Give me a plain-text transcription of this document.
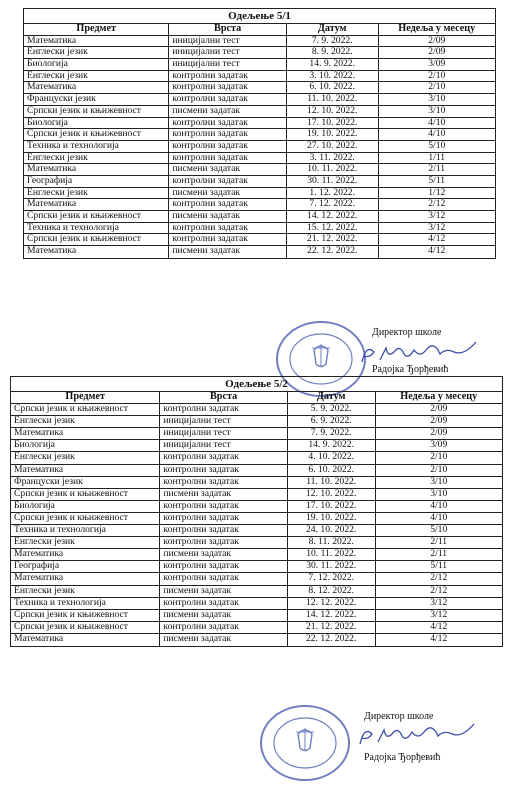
Одељење 5/1
Предмет	Врста	Датум	Недеља у месецу
Математика	иницијални тест	7. 9. 2022.	2/09
Енглески језик	иницијални тест	8. 9. 2022.	2/09
Биологија	иницијални тест	14. 9. 2022.	3/09
Енглески језик	контролни задатак	3. 10. 2022.	2/10
Математика	контролни задатак	6. 10. 2022.	2/10
Француски језик	контролни задатак	11. 10. 2022.	3/10
Српски језик и књижевност	писмени задатак	12. 10. 2022.	3/10
Биологија	контролни задатак	17. 10. 2022.	4/10
Српски језик и књижевност	контролни задатак	19. 10. 2022.	4/10
Техника и технологија	контролни задатак	27. 10. 2022.	5/10
Енглески језик	контролни задатак	3. 11. 2022.	1/11
Математика	писмени задатак	10. 11. 2022.	2/11
Географија	контролни задатак	30. 11. 2022.	5/11
Енглески језик	писмени задатак	1. 12. 2022.	1/12
Математика	контролни задатак	7. 12. 2022.	2/12
Српски језик и књижевност	писмени задатак	14. 12. 2022.	3/12
Техника и технологија	контролни задатак	15. 12. 2022.	3/12
Српски језик и књижевност	контролни задатак	21. 12. 2022.	4/12
Математика	писмени задатак	22. 12. 2022.	4/12
Директор школе
Радојка Ђорђевић
Одељење 5/2
Предмет	Врста	Датум	Недеља у месецу
Српски језик и књижевност	контролни задатак	5. 9. 2022.	2/09
Енглески језик	иницијални тест	6. 9. 2022.	2/09
Математика	иницијални тест	7. 9. 2022.	2/09
Биологија	иницијални тест	14. 9. 2022.	3/09
Енглески језик	контролни задатак	4. 10. 2022.	2/10
Математика	контролни задатак	6. 10. 2022.	2/10
Француски језик	контролни задатак	11. 10. 2022.	3/10
Српски језик и књижевност	писмени задатак	12. 10. 2022.	3/10
Биологија	контролни задатак	17. 10. 2022.	4/10
Српски језик и књижевност	контролни задатак	19. 10. 2022.	4/10
Техника и технологија	контролни задатак	24. 10. 2022.	5/10
Енглески језик	контролни задатак	8. 11. 2022.	2/11
Математика	писмени задатак	10. 11. 2022.	2/11
Географија	контролни задатак	30. 11. 2022.	5/11
Математика	контролни задатак	7. 12. 2022.	2/12
Енглески језик	писмени задатак	8. 12. 2022.	2/12
Техника и технологија	контролни задатак	12. 12. 2022.	3/12
Српски језик и књижевност	писмени задатак	14. 12. 2022.	3/12
Српски језик и књижевност	контролни задатак	21. 12. 2022.	4/12
Математика	писмени задатак	22. 12. 2022.	4/12
Директор школе
Радојка Ђорђевић
